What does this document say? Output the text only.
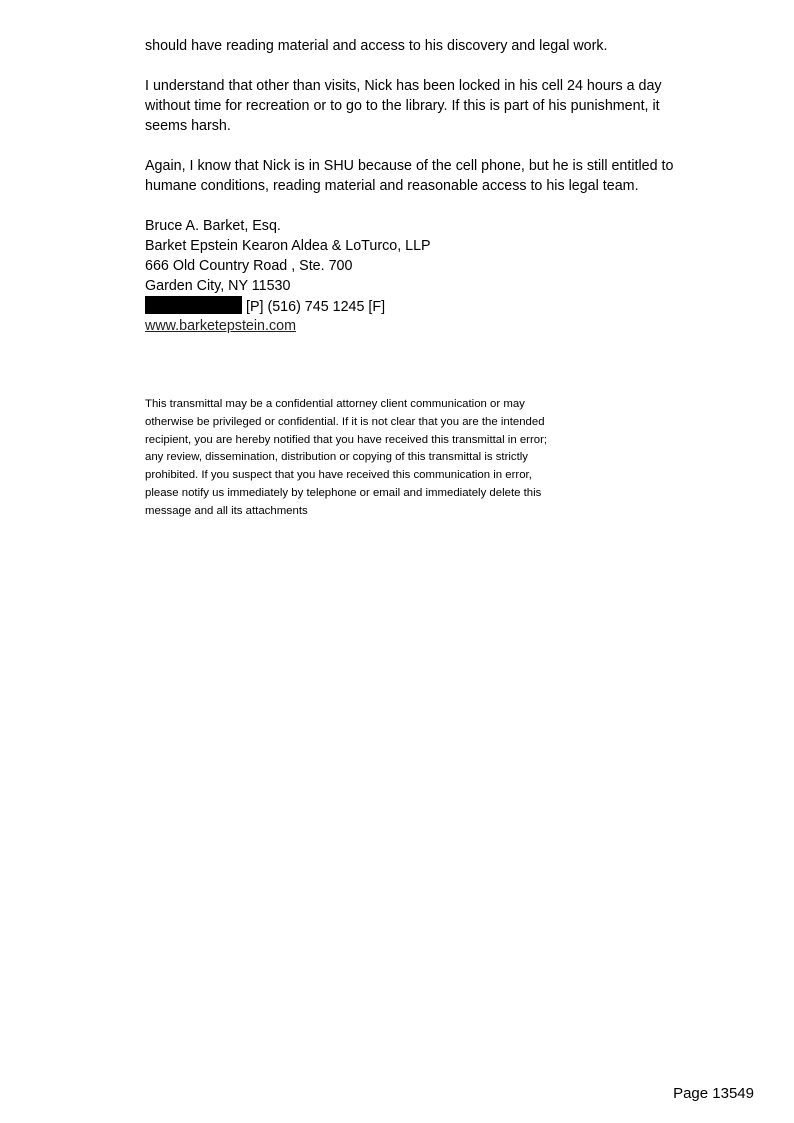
should have reading material and access to his discovery and legal work.

I understand that other than visits, Nick has been locked in his cell 24 hours a day without time for recreation or to go to the library. If this is part of his punishment, it seems harsh.

Again, I know that Nick is in SHU because of the cell phone, but he is still entitled to humane conditions, reading material and reasonable access to his legal team.

Bruce A. Barket, Esq.
Barket Epstein Kearon Aldea & LoTurco, LLP
666 Old Country Road , Ste. 700
Garden City, NY 11530
[P] (516) 745 1245 [F]
www.barketepstein.com
This transmittal may be a confidential attorney client communication or may
otherwise be privileged or confidential. If it is not clear that you are the intended
recipient, you are hereby notified that you have received this transmittal in error;
any review, dissemination, distribution or copying of this transmittal is strictly
prohibited. If you suspect that you have received this communication in error,
please notify us immediately by telephone or email and immediately delete this
message and all its attachments
Page 13549
